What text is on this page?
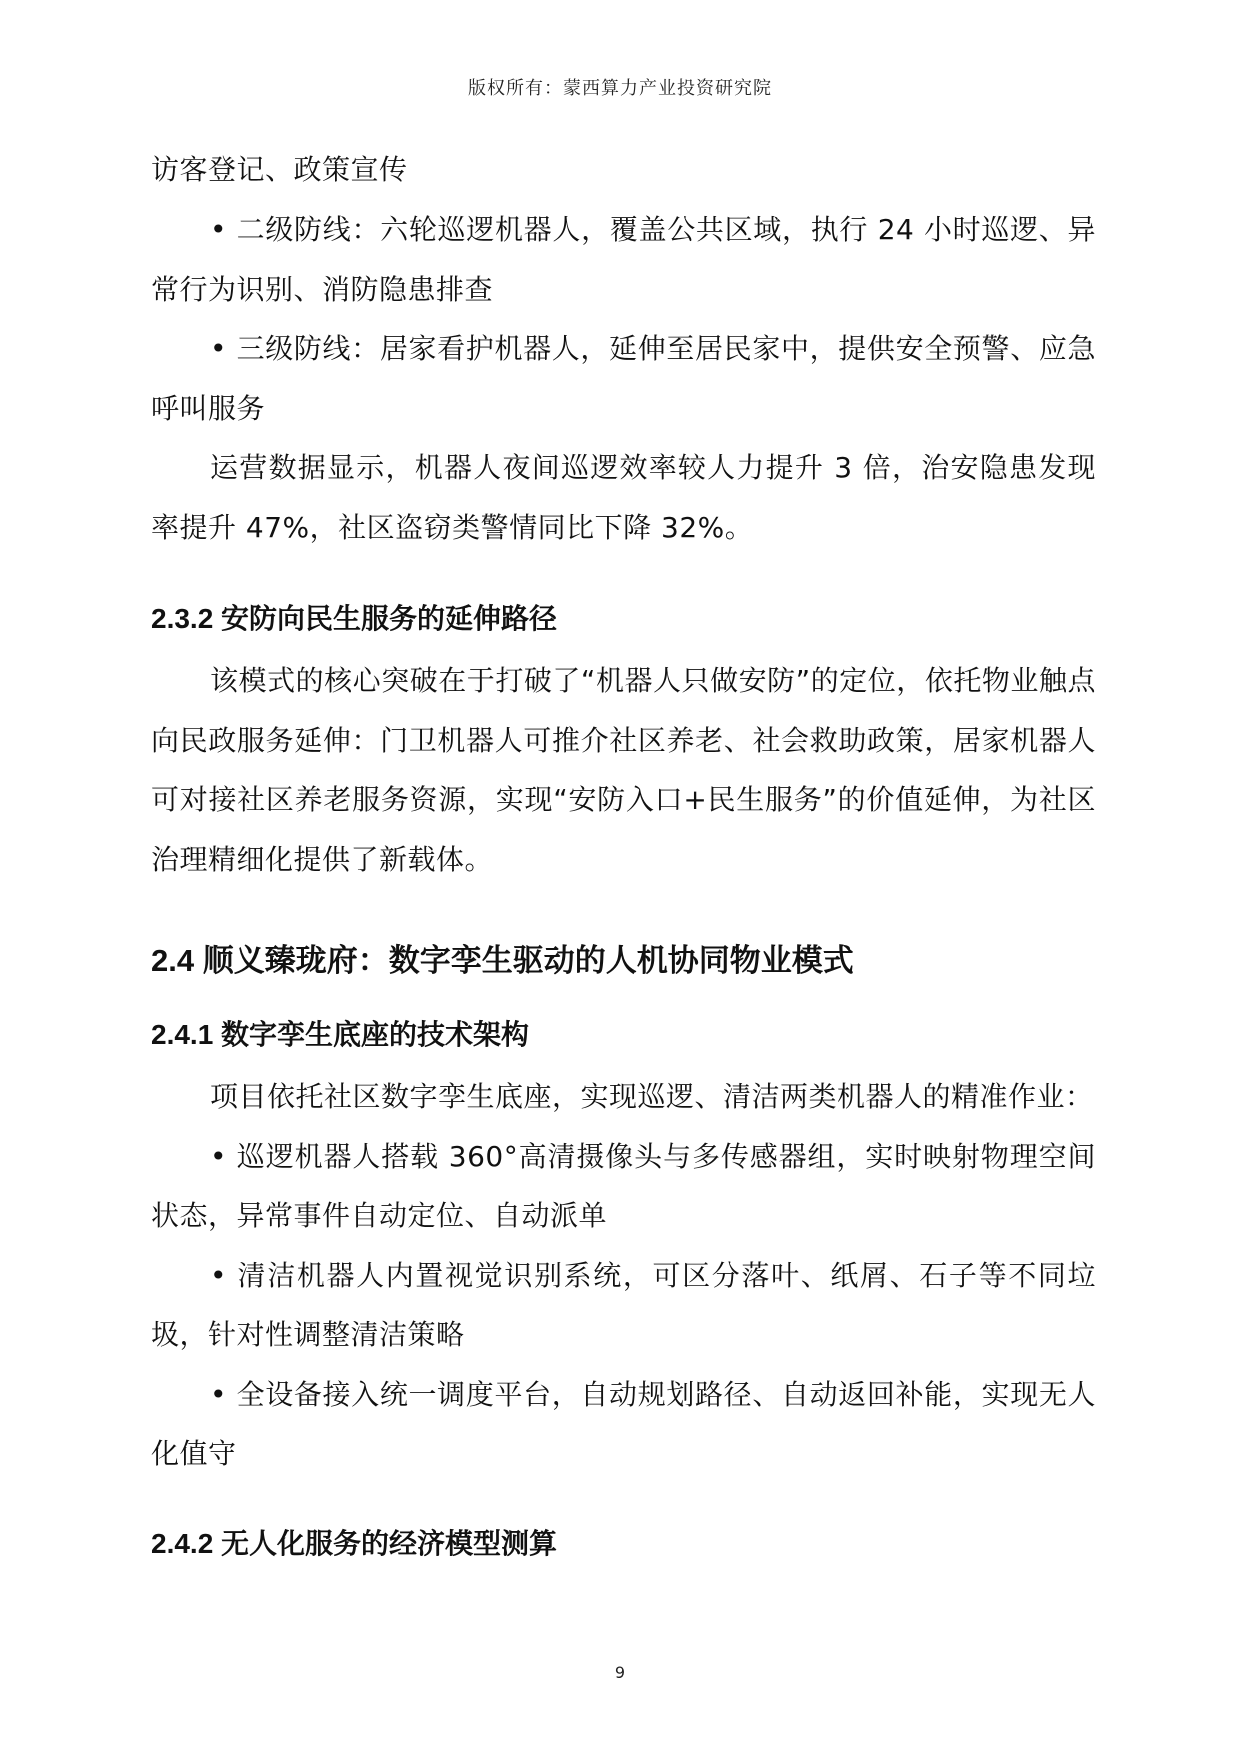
版权所有：蒙西算力产业投资研究院

访客登记、政策宣传

• 二级防线：六轮巡逻机器人，覆盖公共区域，执行 24 小时巡逻、异常行为识别、消防隐患排查

• 三级防线：居家看护机器人，延伸至居民家中，提供安全预警、应急呼叫服务

运营数据显示，机器人夜间巡逻效率较人力提升 3 倍，治安隐患发现率提升 47%，社区盗窃类警情同比下降 32%。

2.3.2 安防向民生服务的延伸路径

该模式的核心突破在于打破了“机器人只做安防”的定位，依托物业触点向民政服务延伸：门卫机器人可推介社区养老、社会救助政策，居家机器人可对接社区养老服务资源，实现“安防入口+民生服务”的价值延伸，为社区治理精细化提供了新载体。

2.4 顺义臻珑府：数字孪生驱动的人机协同物业模式
2.4.1 数字孪生底座的技术架构

项目依托社区数字孪生底座，实现巡逻、清洁两类机器人的精准作业：

• 巡逻机器人搭载 360°高清摄像头与多传感器组，实时映射物理空间状态，异常事件自动定位、自动派单

• 清洁机器人内置视觉识别系统，可区分落叶、纸屑、石子等不同垃圾，针对性调整清洁策略

• 全设备接入统一调度平台，自动规划路径、自动返回补能，实现无人化值守

2.4.2 无人化服务的经济模型测算
9
